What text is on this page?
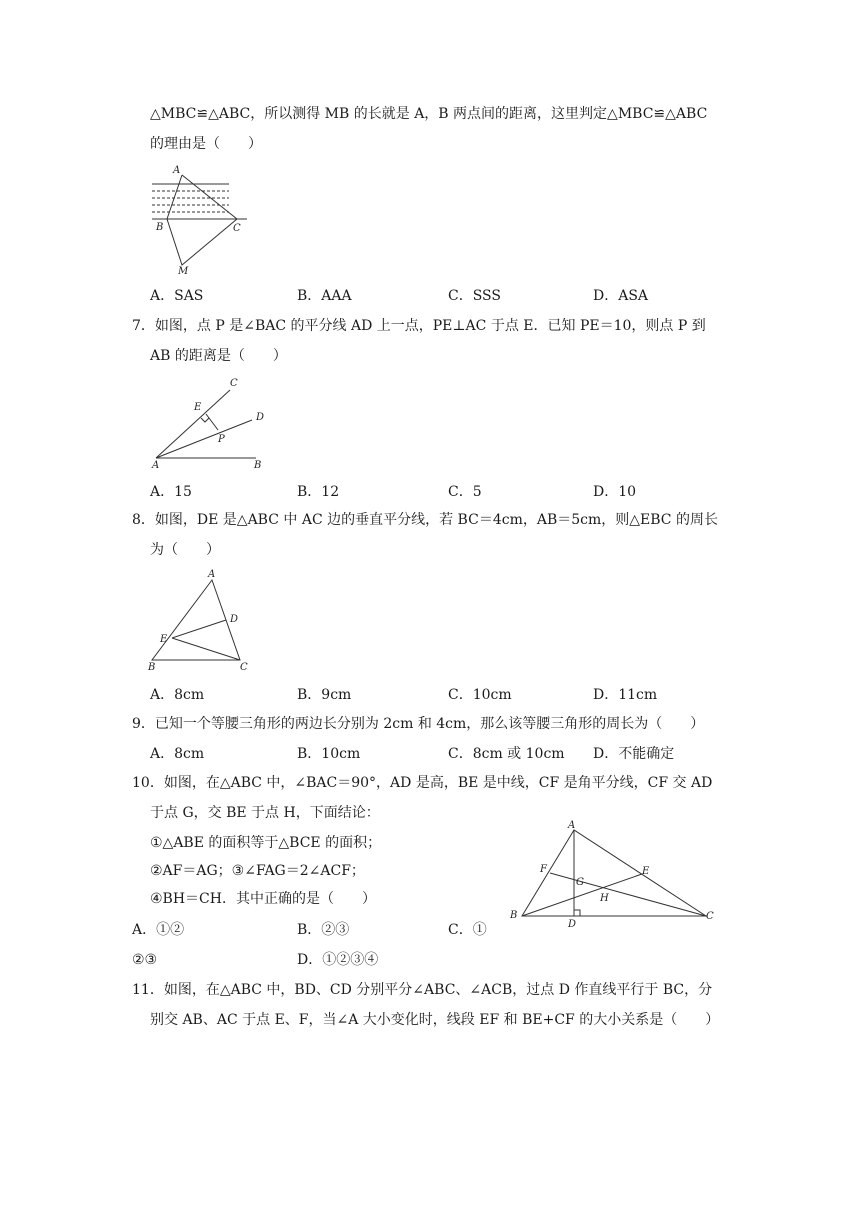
△MBC≌△ABC，所以测得 MB 的长就是 A，B 两点间的距离，这里判定△MBC≌△ABC
的理由是（　　）
A
B	C
M
A．SAS	B．AAA	C．SSS	D．ASA
7．如图，点 P 是∠BAC 的平分线 AD 上一点，PE⊥AC 于点 E．已知 PE＝10，则点 P 到
AB 的距离是（　　）
A	B
C
D
E
P
A．15	B．12	C．5	D．10
8．如图，DE 是△ABC 中 AC 边的垂直平分线，若 BC＝4cm，AB＝5cm，则△EBC 的周长
为（　　）
A
B	C
D
E
A．8cm	B．9cm	C．10cm	D．11cm
9．已知一个等腰三角形的两边长分别为 2cm 和 4cm，那么该等腰三角形的周长为（　　）
A．8cm	B．10cm	C．8cm 或 10cm D．不能确定
10．如图，在△ABC 中，∠BAC＝90°，AD 是高，BE 是中线，CF 是角平分线，CF 交 AD
于点 G，交 BE 于点 H，下面结论：
①△ABE 的面积等于△BCE 的面积；
②AF＝AG；③∠FAG＝2∠ACF；
④BH＝CH．其中正确的是（　　）
A
B	C
D
E
F
G
H
A．①②	B．②③	C．①
②③	D．①②③④
11．如图，在△ABC 中，BD、CD 分别平分∠ABC、∠ACB，过点 D 作直线平行于 BC，分
别交 AB、AC 于点 E、F，当∠A 大小变化时，线段 EF 和 BE+CF 的大小关系是（　　）
